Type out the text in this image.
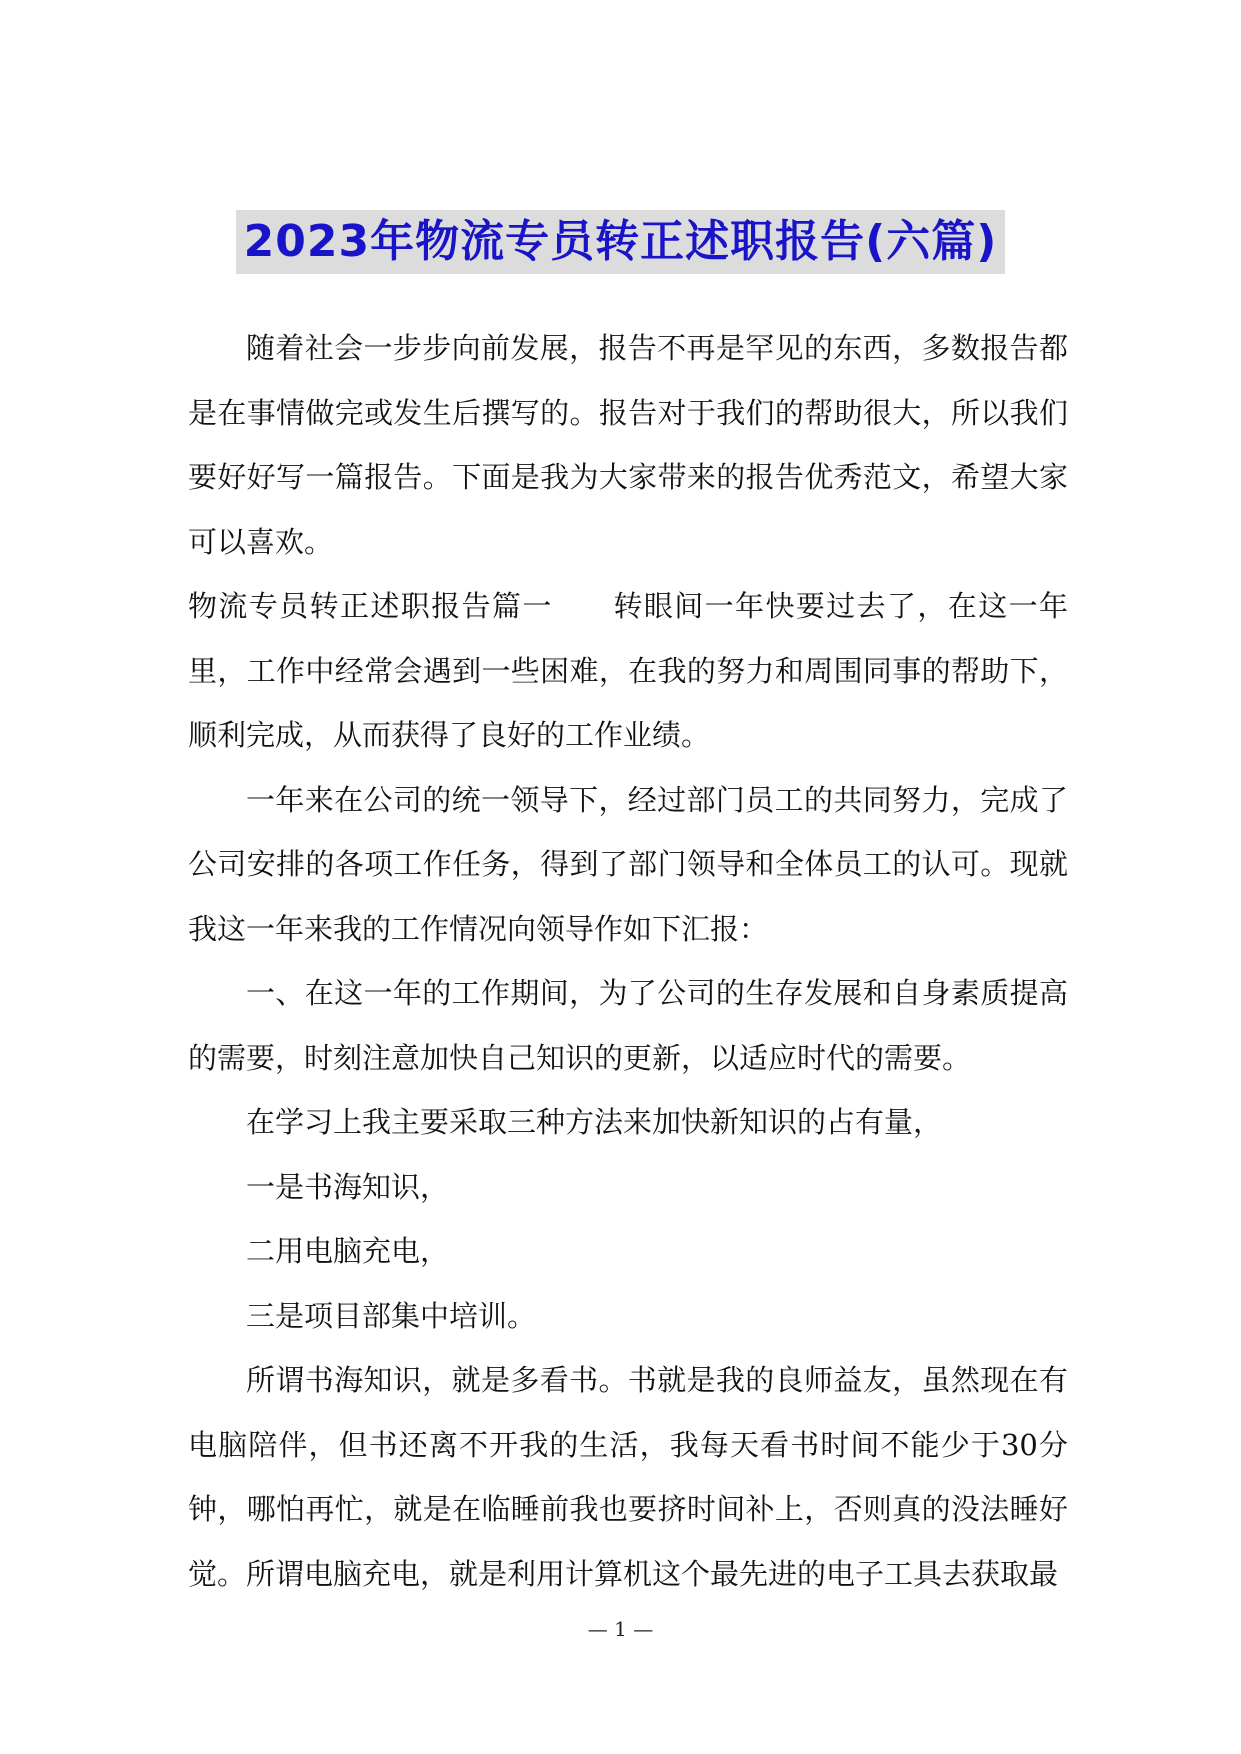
2023年物流专员转正述职报告(六篇)

随着社会一步步向前发展，报告不再是罕见的东西，多数报告都是在事情做完或发生后撰写的。报告对于我们的帮助很大，所以我们要好好写一篇报告。下面是我为大家带来的报告优秀范文，希望大家可以喜欢。

物流专员转正述职报告篇一　　转眼间一年快要过去了，在这一年里，工作中经常会遇到一些困难，在我的努力和周围同事的帮助下，顺利完成，从而获得了良好的工作业绩。

一年来在公司的统一领导下，经过部门员工的共同努力，完成了公司安排的各项工作任务，得到了部门领导和全体员工的认可。现就我这一年来我的工作情况向领导作如下汇报：

一、在这一年的工作期间，为了公司的生存发展和自身素质提高的需要，时刻注意加快自己知识的更新，以适应时代的需要。

在学习上我主要采取三种方法来加快新知识的占有量，

一是书海知识，

二用电脑充电，

三是项目部集中培训。

所谓书海知识，就是多看书。书就是我的良师益友，虽然现在有电脑陪伴，但书还离不开我的生活，我每天看书时间不能少于30分钟，哪怕再忙，就是在临睡前我也要挤时间补上，否则真的没法睡好觉。所谓电脑充电，就是利用计算机这个最先进的电子工具去获取最

— 1 —
